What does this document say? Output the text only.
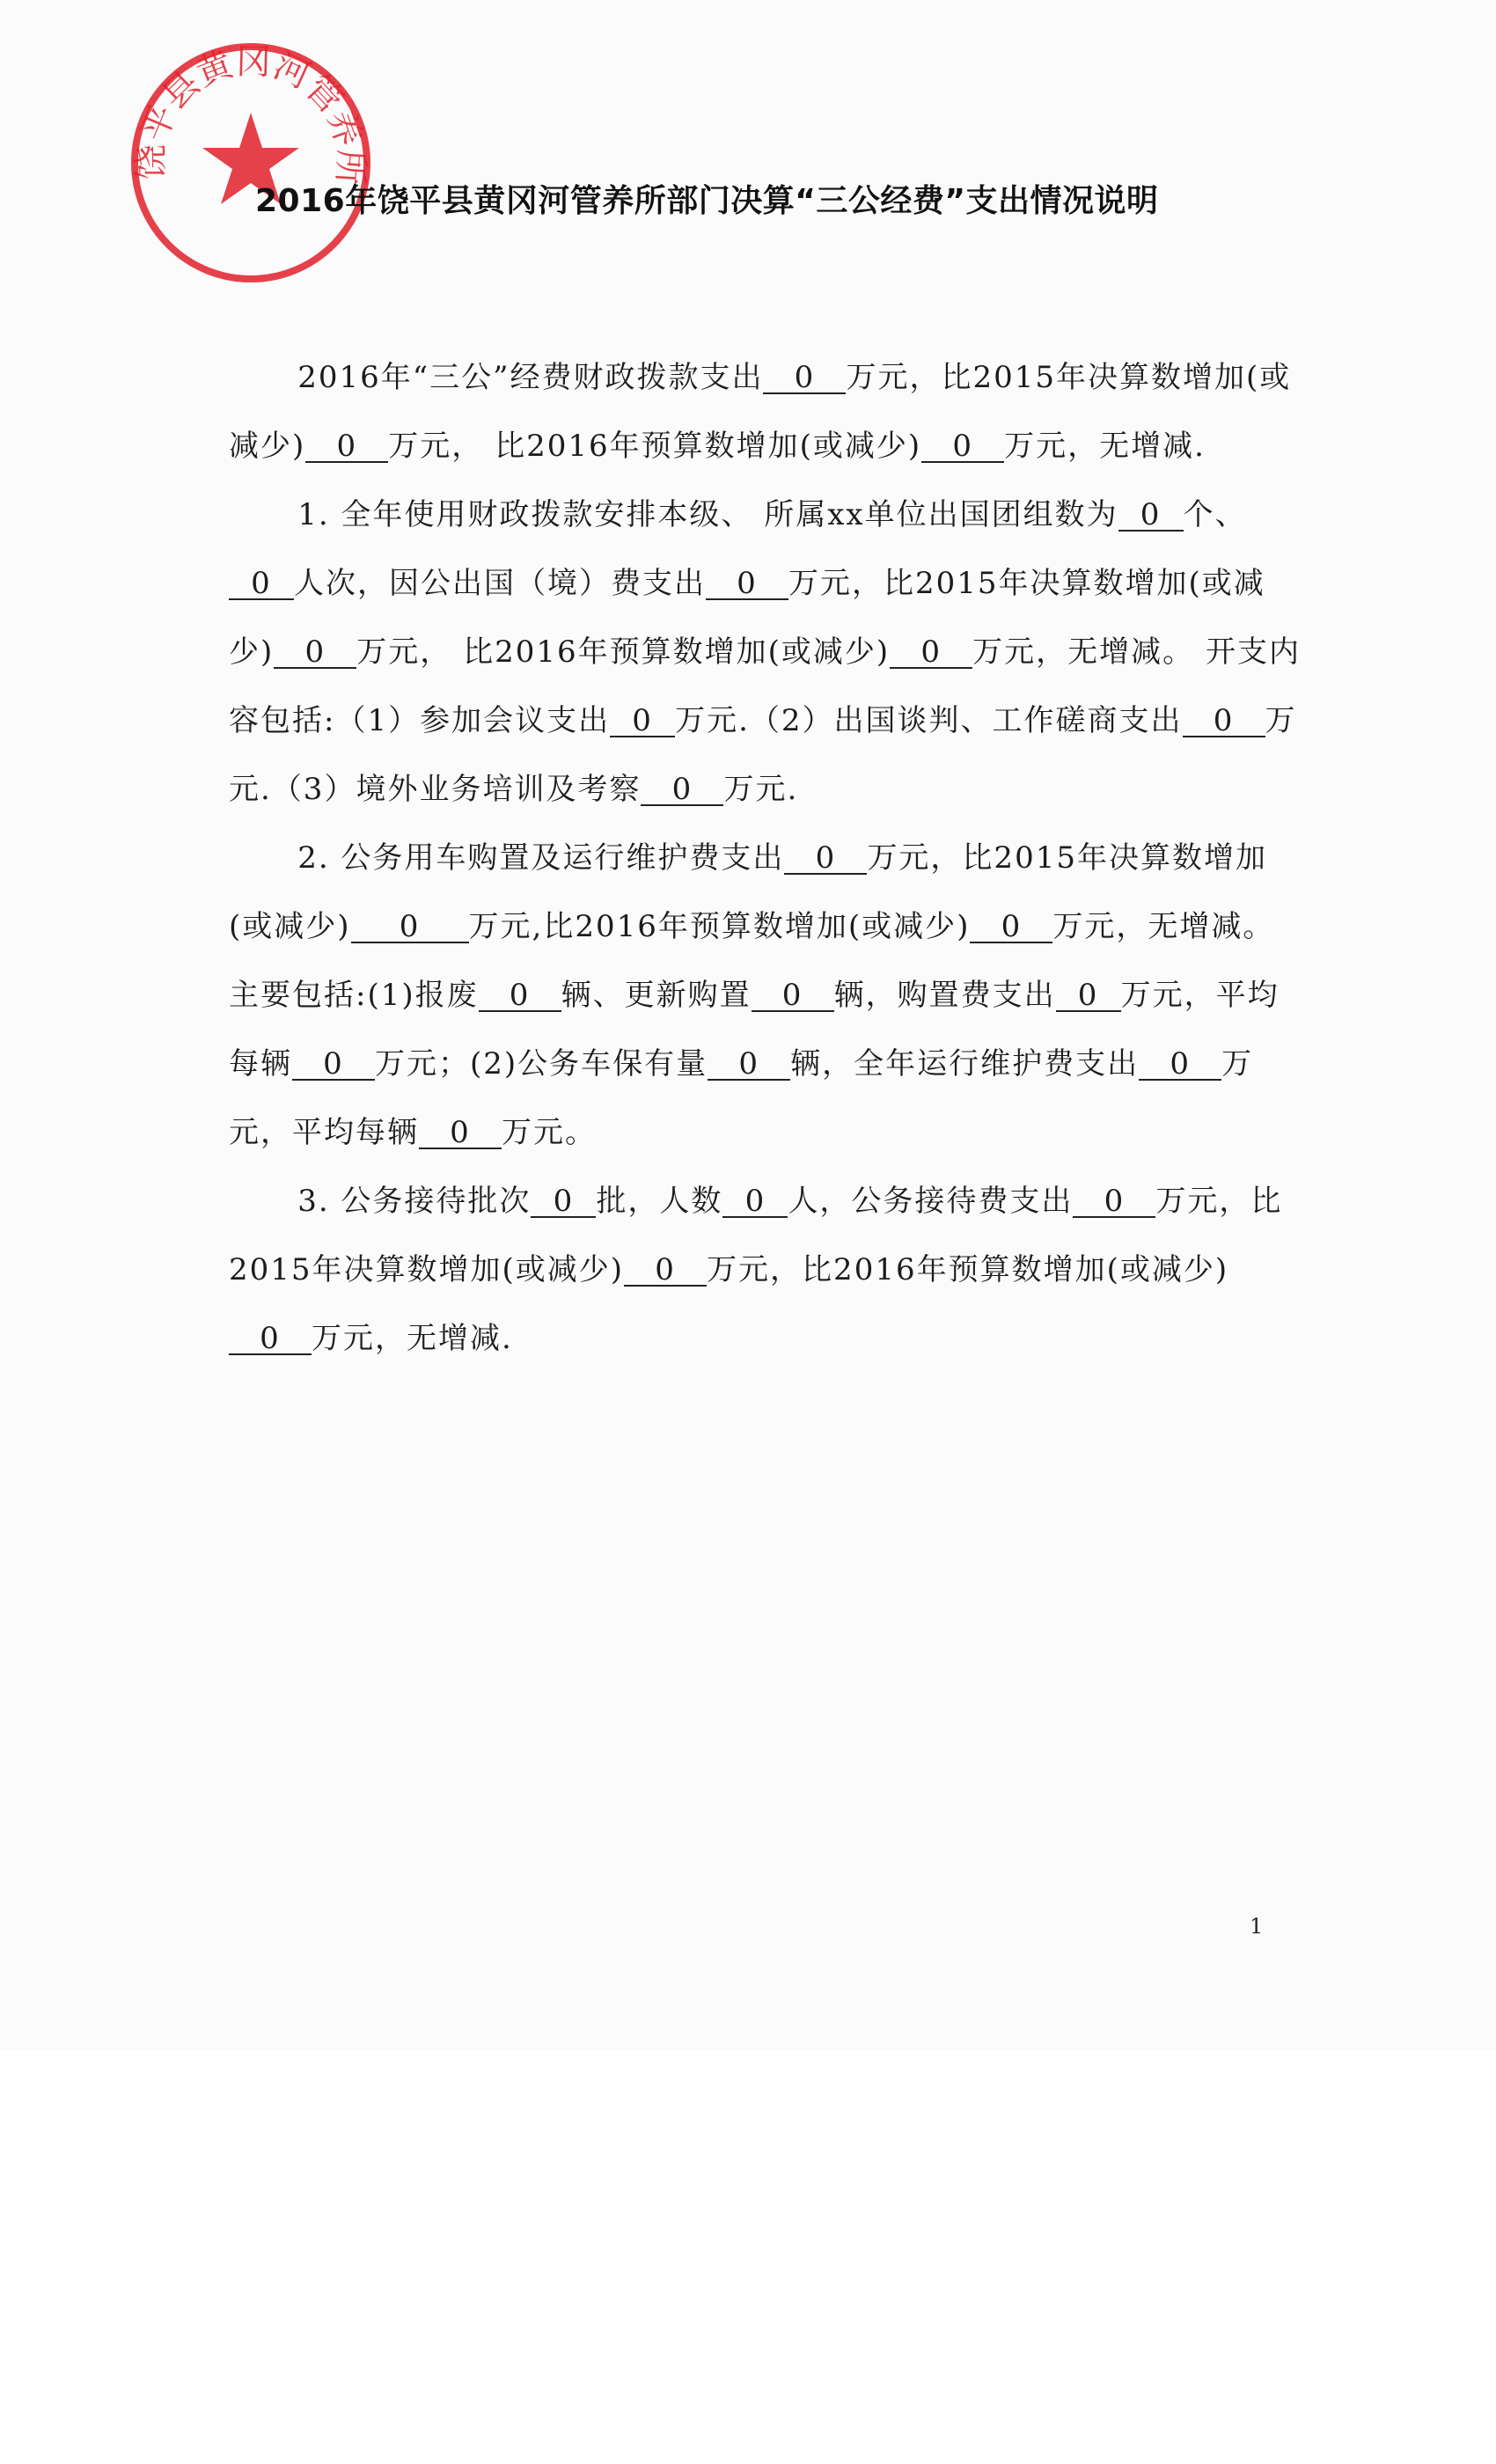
饶平县黄冈河管养所
2016年饶平县黄冈河管养所部门决算“三公经费”支出情况说明

2016年“三公”经费财政拨款支出 0 万元，比2015年决算数增加(或减少) 0 万元， 比2016年预算数增加(或减少) 0 万元，无增减.

1. 全年使用财政拨款安排本级、 所属xx单位出国团组数为 0 个、0 人次，因公出国（境）费支出 0 万元，比2015年决算数增加(或减少) 0 万元， 比2016年预算数增加(或减少) 0 万元，无增减。 开支内容包括:（1）参加会议支出 0 万元.（2）出国谈判、工作磋商支出 0 万元.（3）境外业务培训及考察 0 万元.

2. 公务用车购置及运行维护费支出 0 万元，比2015年决算数增加(或减少) 0 万元,比2016年预算数增加(或减少) 0 万元，无增减。主要包括:(1)报废 0 辆、更新购置 0 辆，购置费支出 0 万元，平均每辆 0 万元；(2)公务车保有量 0 辆，全年运行维护费支出 0 万元，平均每辆 0 万元。

3. 公务接待批次 0 批，人数 0 人，公务接待费支出 0 万元，比2015年决算数增加(或减少) 0 万元，比2016年预算数增加(或减少)0 万元，无增减.

1
